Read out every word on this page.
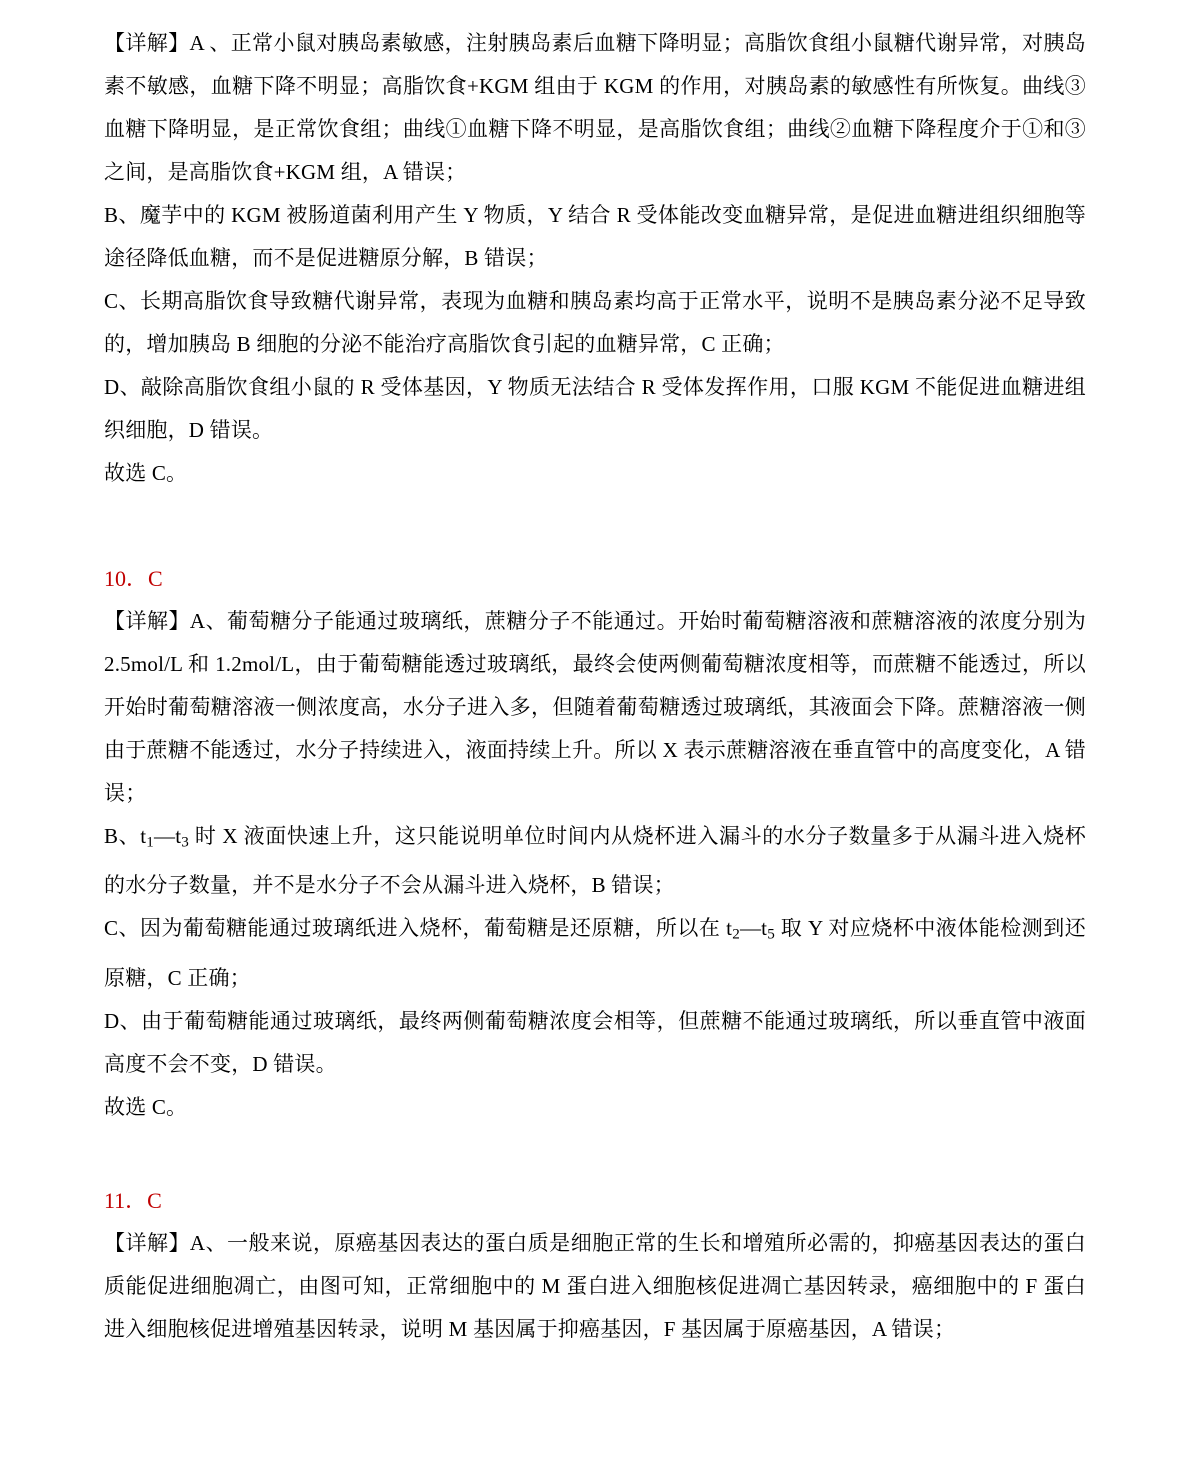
【详解】A 、正常小鼠对胰岛素敏感，注射胰岛素后血糖下降明显；高脂饮食组小鼠糖代谢异常，对胰岛素不敏感，血糖下降不明显；高脂饮食+KGM 组由于 KGM 的作用，对胰岛素的敏感性有所恢复。曲线③血糖下降明显，是正常饮食组；曲线①血糖下降不明显，是高脂饮食组；曲线②血糖下降程度介于①和③之间，是高脂饮食+KGM 组，A 错误；

B、魔芋中的 KGM 被肠道菌利用产生 Y 物质，Y 结合 R 受体能改变血糖异常，是促进血糖进组织细胞等途径降低血糖，而不是促进糖原分解，B 错误；

C、长期高脂饮食导致糖代谢异常，表现为血糖和胰岛素均高于正常水平，说明不是胰岛素分泌不足导致的，增加胰岛 B 细胞的分泌不能治疗高脂饮食引起的血糖异常，C 正确；

D、敲除高脂饮食组小鼠的 R 受体基因，Y 物质无法结合 R 受体发挥作用，口服 KGM 不能促进血糖进组织细胞，D 错误。

故选 C。

10．C

【详解】A、葡萄糖分子能通过玻璃纸，蔗糖分子不能通过。开始时葡萄糖溶液和蔗糖溶液的浓度分别为 2.5mol/L 和 1.2mol/L，由于葡萄糖能透过玻璃纸，最终会使两侧葡萄糖浓度相等，而蔗糖不能透过，所以开始时葡萄糖溶液一侧浓度高，水分子进入多，但随着葡萄糖透过玻璃纸，其液面会下降。蔗糖溶液一侧由于蔗糖不能透过，水分子持续进入，液面持续上升。所以 X 表示蔗糖溶液在垂直管中的高度变化，A 错误；

B、$t_1—t_3$ 时 X 液面快速上升，这只能说明单位时间内从烧杯进入漏斗的水分子数量多于从漏斗进入烧杯的水分子数量，并不是水分子不会从漏斗进入烧杯，B 错误；

C、因为葡萄糖能通过玻璃纸进入烧杯，葡萄糖是还原糖，所以在 $t_2—t_5$ 取 Y 对应烧杯中液体能检测到还原糖，C 正确；

D、由于葡萄糖能通过玻璃纸，最终两侧葡萄糖浓度会相等，但蔗糖不能通过玻璃纸，所以垂直管中液面高度不会不变，D 错误。

故选 C。

11．C

【详解】A、一般来说，原癌基因表达的蛋白质是细胞正常的生长和增殖所必需的，抑癌基因表达的蛋白质能促进细胞凋亡，由图可知，正常细胞中的 M 蛋白进入细胞核促进凋亡基因转录，癌细胞中的 F 蛋白进入细胞核促进增殖基因转录，说明 M 基因属于抑癌基因，F 基因属于原癌基因，A 错误；
